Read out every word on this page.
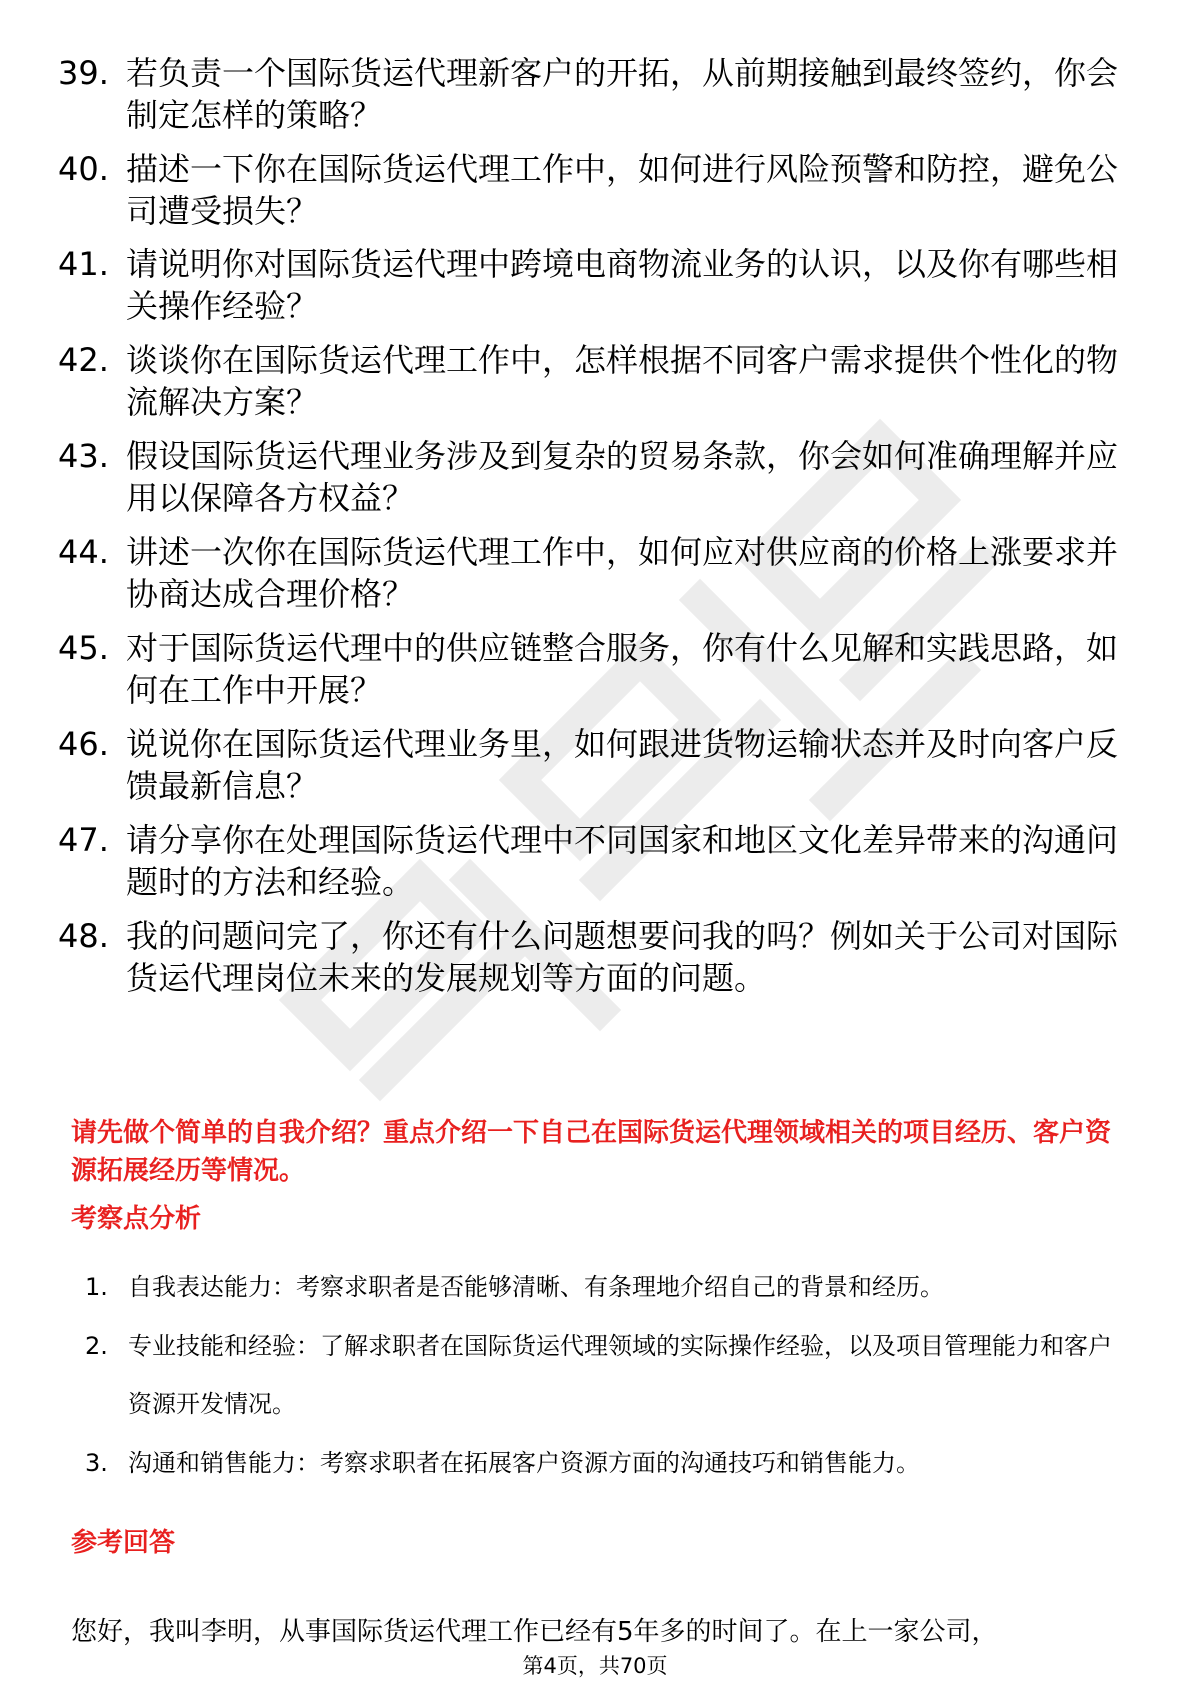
39. 若负责一个国际货运代理新客户的开拓，从前期接触到最终签约，你会制定怎样的策略？
40. 描述一下你在国际货运代理工作中，如何进行风险预警和防控，避免公司遭受损失？
41. 请说明你对国际货运代理中跨境电商物流业务的认识，以及你有哪些相关操作经验？
42. 谈谈你在国际货运代理工作中，怎样根据不同客户需求提供个性化的物流解决方案？
43. 假设国际货运代理业务涉及到复杂的贸易条款，你会如何准确理解并应用以保障各方权益？
44. 讲述一次你在国际货运代理工作中，如何应对供应商的价格上涨要求并协商达成合理价格？
45. 对于国际货运代理中的供应链整合服务，你有什么见解和实践思路，如何在工作中开展？
46. 说说你在国际货运代理业务里，如何跟进货物运输状态并及时向客户反馈最新信息？
47. 请分享你在处理国际货运代理中不同国家和地区文化差异带来的沟通问题时的方法和经验。
48. 我的问题问完了，你还有什么问题想要问我的吗？例如关于公司对国际货运代理岗位未来的发展规划等方面的问题。
请先做个简单的自我介绍？重点介绍一下自己在国际货运代理领域相关的项目经历、客户资源拓展经历等情况。
考察点分析
1. 自我表达能力：考察求职者是否能够清晰、有条理地介绍自己的背景和经历。
2. 专业技能和经验：了解求职者在国际货运代理领域的实际操作经验，以及项目管理能力和客户资源开发情况。
3. 沟通和销售能力：考察求职者在拓展客户资源方面的沟通技巧和销售能力。
参考回答
您好，我叫李明，从事国际货运代理工作已经有5年多的时间了。在上一家公司，
第4页，共70页
